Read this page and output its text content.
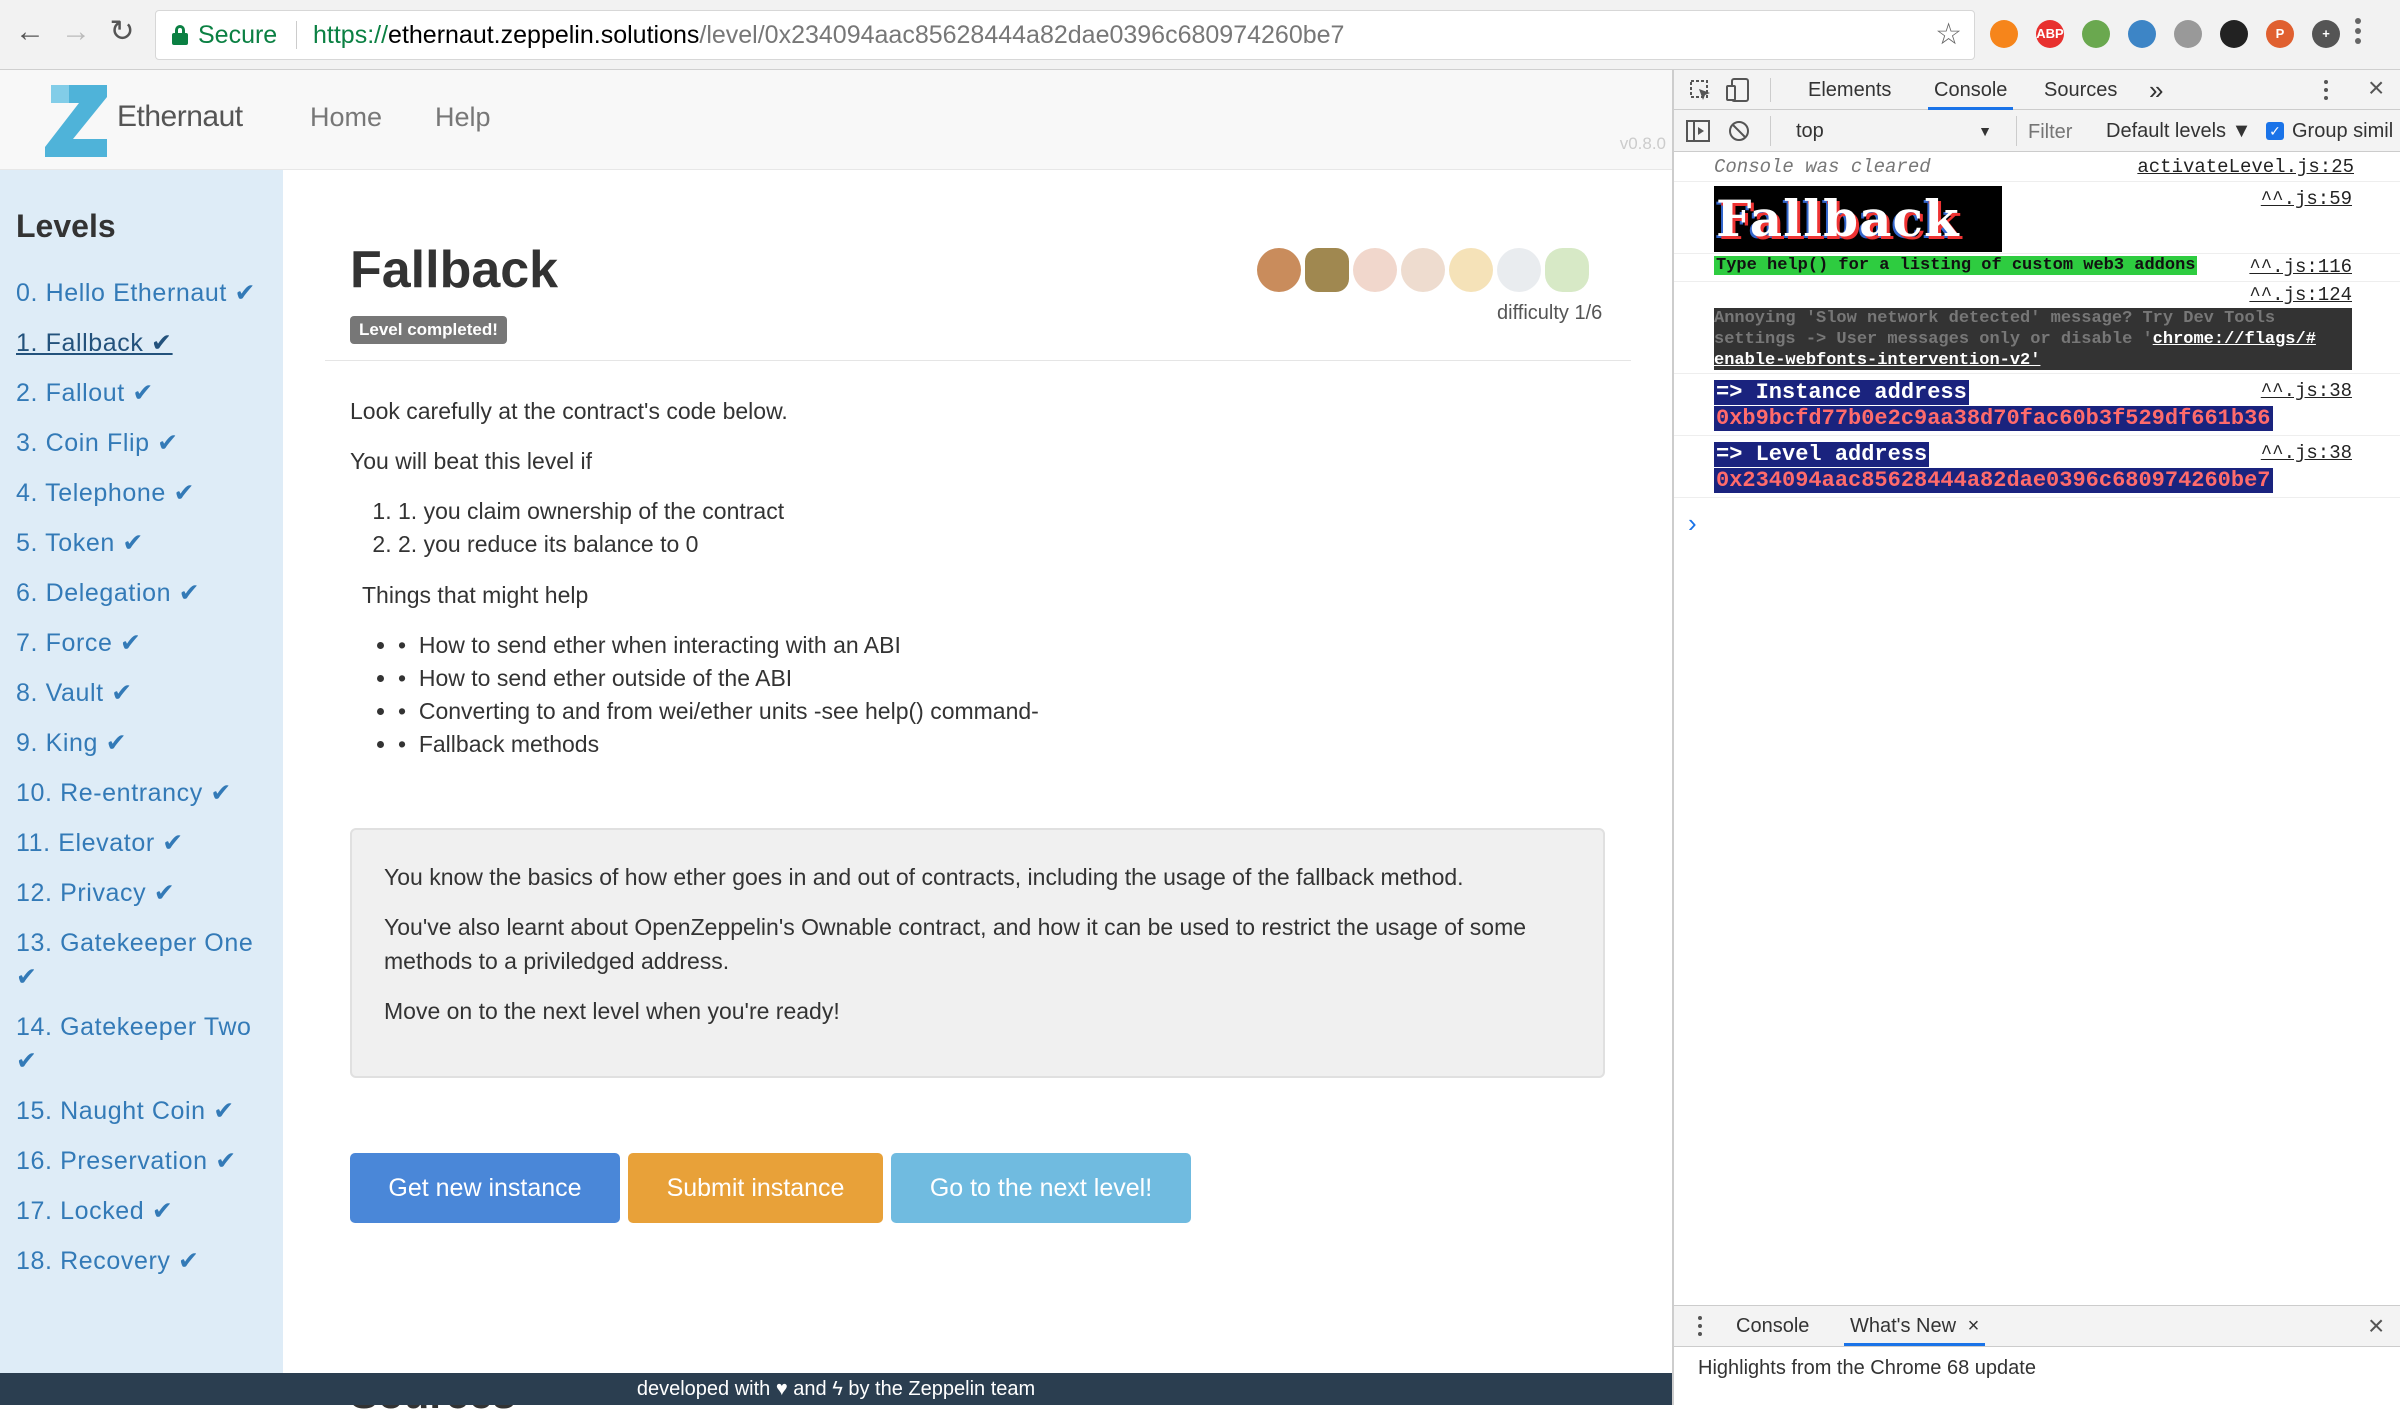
← → ↻	Secure https://ethernaut.zeppelin.solutions/level/0x234094aac85628444a82dae0396c680974260be7	☆	ABP	P	+
Ethernaut Home Help
v0.8.0
Levels
0. Hello Ethernaut ✔
1. Fallback ✔
2. Fallout ✔
3. Coin Flip ✔
4. Telephone ✔
5. Token ✔
6. Delegation ✔
7. Force ✔
8. Vault ✔
9. King ✔
10. Re-entrancy ✔
11. Elevator ✔
12. Privacy ✔
13. Gatekeeper One ✔
14. Gatekeeper Two ✔
15. Naught Coin ✔
16. Preservation ✔
17. Locked ✔
18. Recovery ✔
Fallback
Level completed!
difficulty 1/6
Look carefully at the contract's code below.
You will beat this level if
1. 1. you claim ownership of the contract
2. 2. you reduce its balance to 0
Things that might help
• •  How to send ether when interacting with an ABI
• •  How to send ether outside of the ABI
• •  Converting to and from wei/ether units -see help() command-
• •  Fallback methods
You know the basics of how ether goes in and out of contracts, including the usage of the fallback method.
You've also learnt about OpenZeppelin's Ownable contract, and how it can be used to restrict the usage of some methods to a priviledged address.
Move on to the next level when you're ready!
Get new instance	Submit instance	Go to the next level!
developed with ♥ and ϟ by the Zeppelin team
Elements	Console	Sources »	×
top	▼
Filter	Default levels ▼ ✓ Group simil
Console was cleared	activateLevel.js:25
Fallback	^^.js:59
Type help() for a listing of custom web3 addons	^^.js:116
^^.js:124
Annoying 'Slow network detected' message? Try Dev Tools
settings -> User messages only or disable 'chrome://flags/#
enable-webfonts-intervention-v2'
=> Instance address
0xb9bcfd77b0e2c9aa38d70fac60b3f529df661b36
^^.js:38
=> Level address
0x234094aac85628444a82dae0396c680974260be7
^^.js:38
›
Console	What's New ×	×
Highlights from the Chrome 68 update
